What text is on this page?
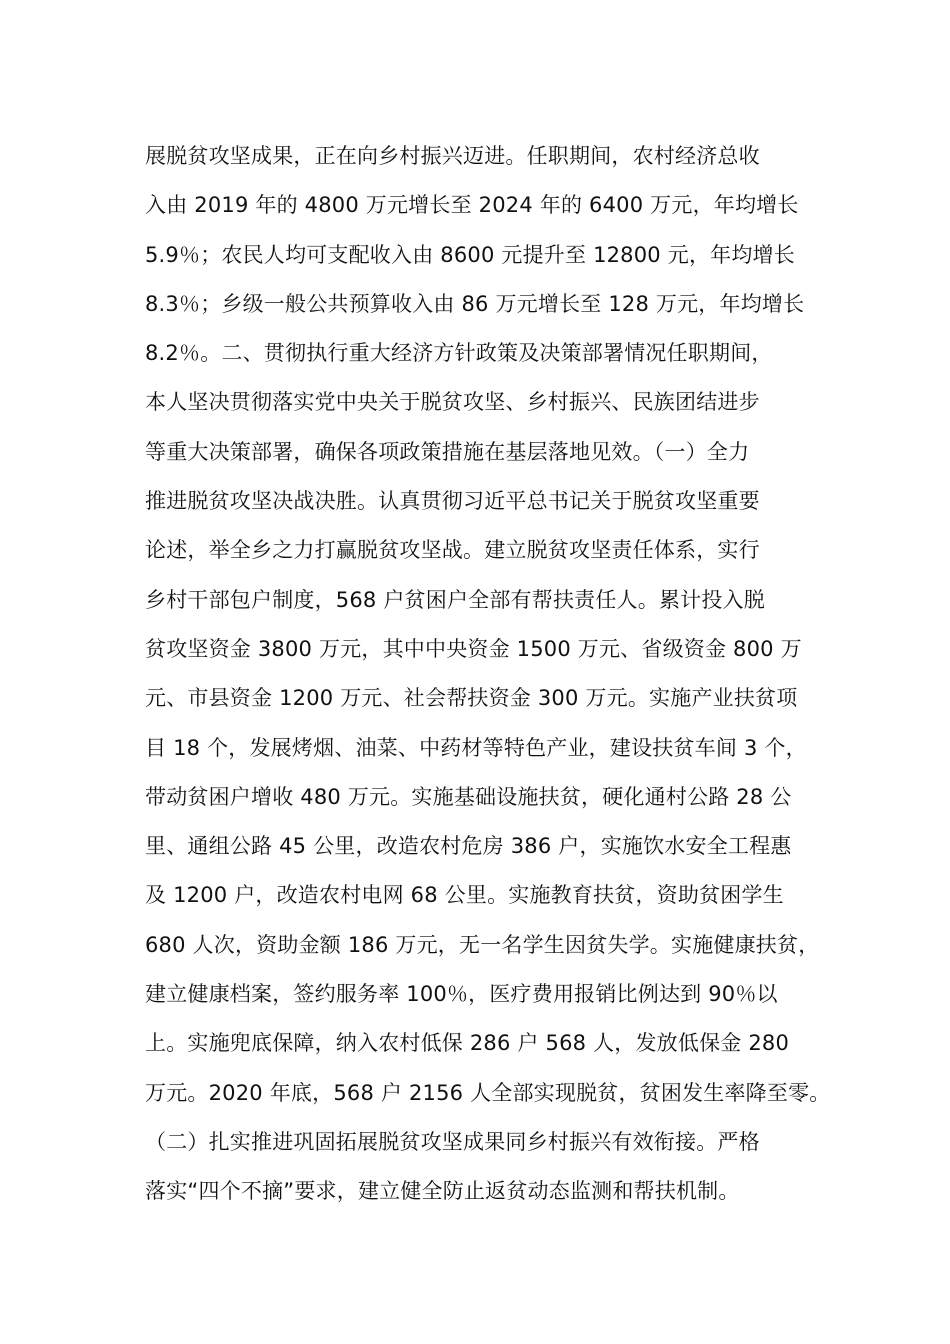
展脱贫攻坚成果，正在向乡村振兴迈进。任职期间，农村经济总收
入由 2019 年的 4800 万元增长至 2024 年的 6400 万元，年均增长
5.9％；农民人均可支配收入由 8600 元提升至 12800 元，年均增长
8.3％；乡级一般公共预算收入由 86 万元增长至 128 万元，年均增长
8.2％。二、贯彻执行重大经济方针政策及决策部署情况任职期间，
本人坚决贯彻落实党中央关于脱贫攻坚、乡村振兴、民族团结进步
等重大决策部署，确保各项政策措施在基层落地见效。（一）全力
推进脱贫攻坚决战决胜。认真贯彻习近平总书记关于脱贫攻坚重要
论述，举全乡之力打赢脱贫攻坚战。建立脱贫攻坚责任体系，实行
乡村干部包户制度，568 户贫困户全部有帮扶责任人。累计投入脱
贫攻坚资金 3800 万元，其中中央资金 1500 万元、省级资金 800 万
元、市县资金 1200 万元、社会帮扶资金 300 万元。实施产业扶贫项
目 18 个，发展烤烟、油菜、中药材等特色产业，建设扶贫车间 3 个，
带动贫困户增收 480 万元。实施基础设施扶贫，硬化通村公路 28 公
里、通组公路 45 公里，改造农村危房 386 户，实施饮水安全工程惠
及 1200 户，改造农村电网 68 公里。实施教育扶贫，资助贫困学生
680 人次，资助金额 186 万元，无一名学生因贫失学。实施健康扶贫，
建立健康档案，签约服务率 100％，医疗费用报销比例达到 90％以
上。实施兜底保障，纳入农村低保 286 户 568 人，发放低保金 280
万元。2020 年底，568 户 2156 人全部实现脱贫，贫困发生率降至零。
（二）扎实推进巩固拓展脱贫攻坚成果同乡村振兴有效衔接。严格
落实“四个不摘”要求，建立健全防止返贫动态监测和帮扶机制。
